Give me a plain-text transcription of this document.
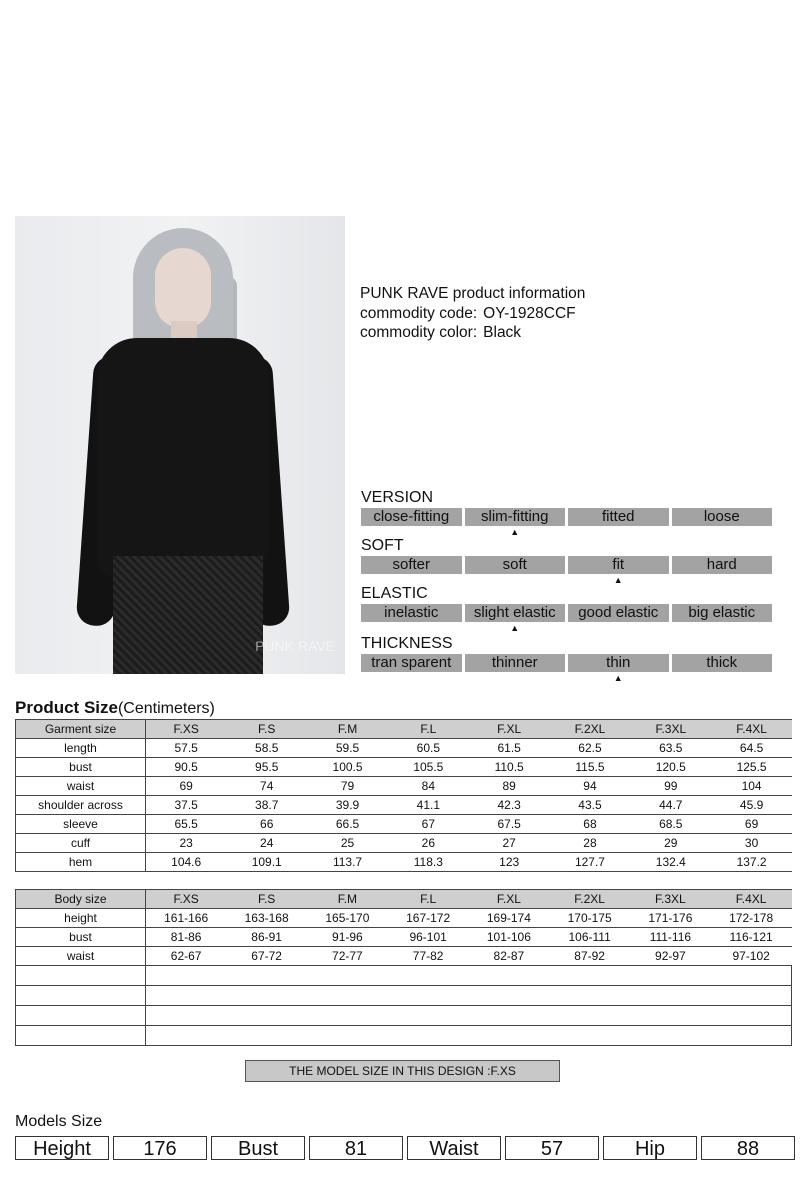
PUNK RAVE
PUNK RAVE product information
commodity code: OY-1928CCF
commodity color: Black
VERSION
close-fitting	slim-fitting	fitted	loose
▲
SOFT
softer	soft	fit	hard
▲
ELASTIC
inelastic	slight elastic	good elastic	big elastic
▲
THICKNESS
tran sparent	thinner	thin	thick
▲
Product Size(Centimeters)
Garment size	F.XS	F.S	F.M	F.L	F.XL	F.2XL	F.3XL	F.4XL
length	57.5	58.5	59.5	60.5	61.5	62.5	63.5	64.5
bust	90.5	95.5	100.5	105.5	110.5	115.5	120.5	125.5
waist	69	74	79	84	89	94	99	104
shoulder across	37.5	38.7	39.9	41.1	42.3	43.5	44.7	45.9
sleeve	65.5	66	66.5	67	67.5	68	68.5	69
cuff	23	24	25	26	27	28	29	30
hem	104.6	109.1	113.7	118.3	123	127.7	132.4	137.2
Body size	F.XS	F.S	F.M	F.L	F.XL	F.2XL	F.3XL	F.4XL
height	161-166	163-168	165-170	167-172	169-174	170-175	171-176	172-178
bust	81-86	86-91	91-96	96-101	101-106	106-111	111-116	116-121
waist	62-67	67-72	72-77	77-82	82-87	87-92	92-97	97-102

THE MODEL SIZE IN THIS DESIGN :F.XS
Models Size
Height	176	Bust	81	Waist	57	Hip	88
